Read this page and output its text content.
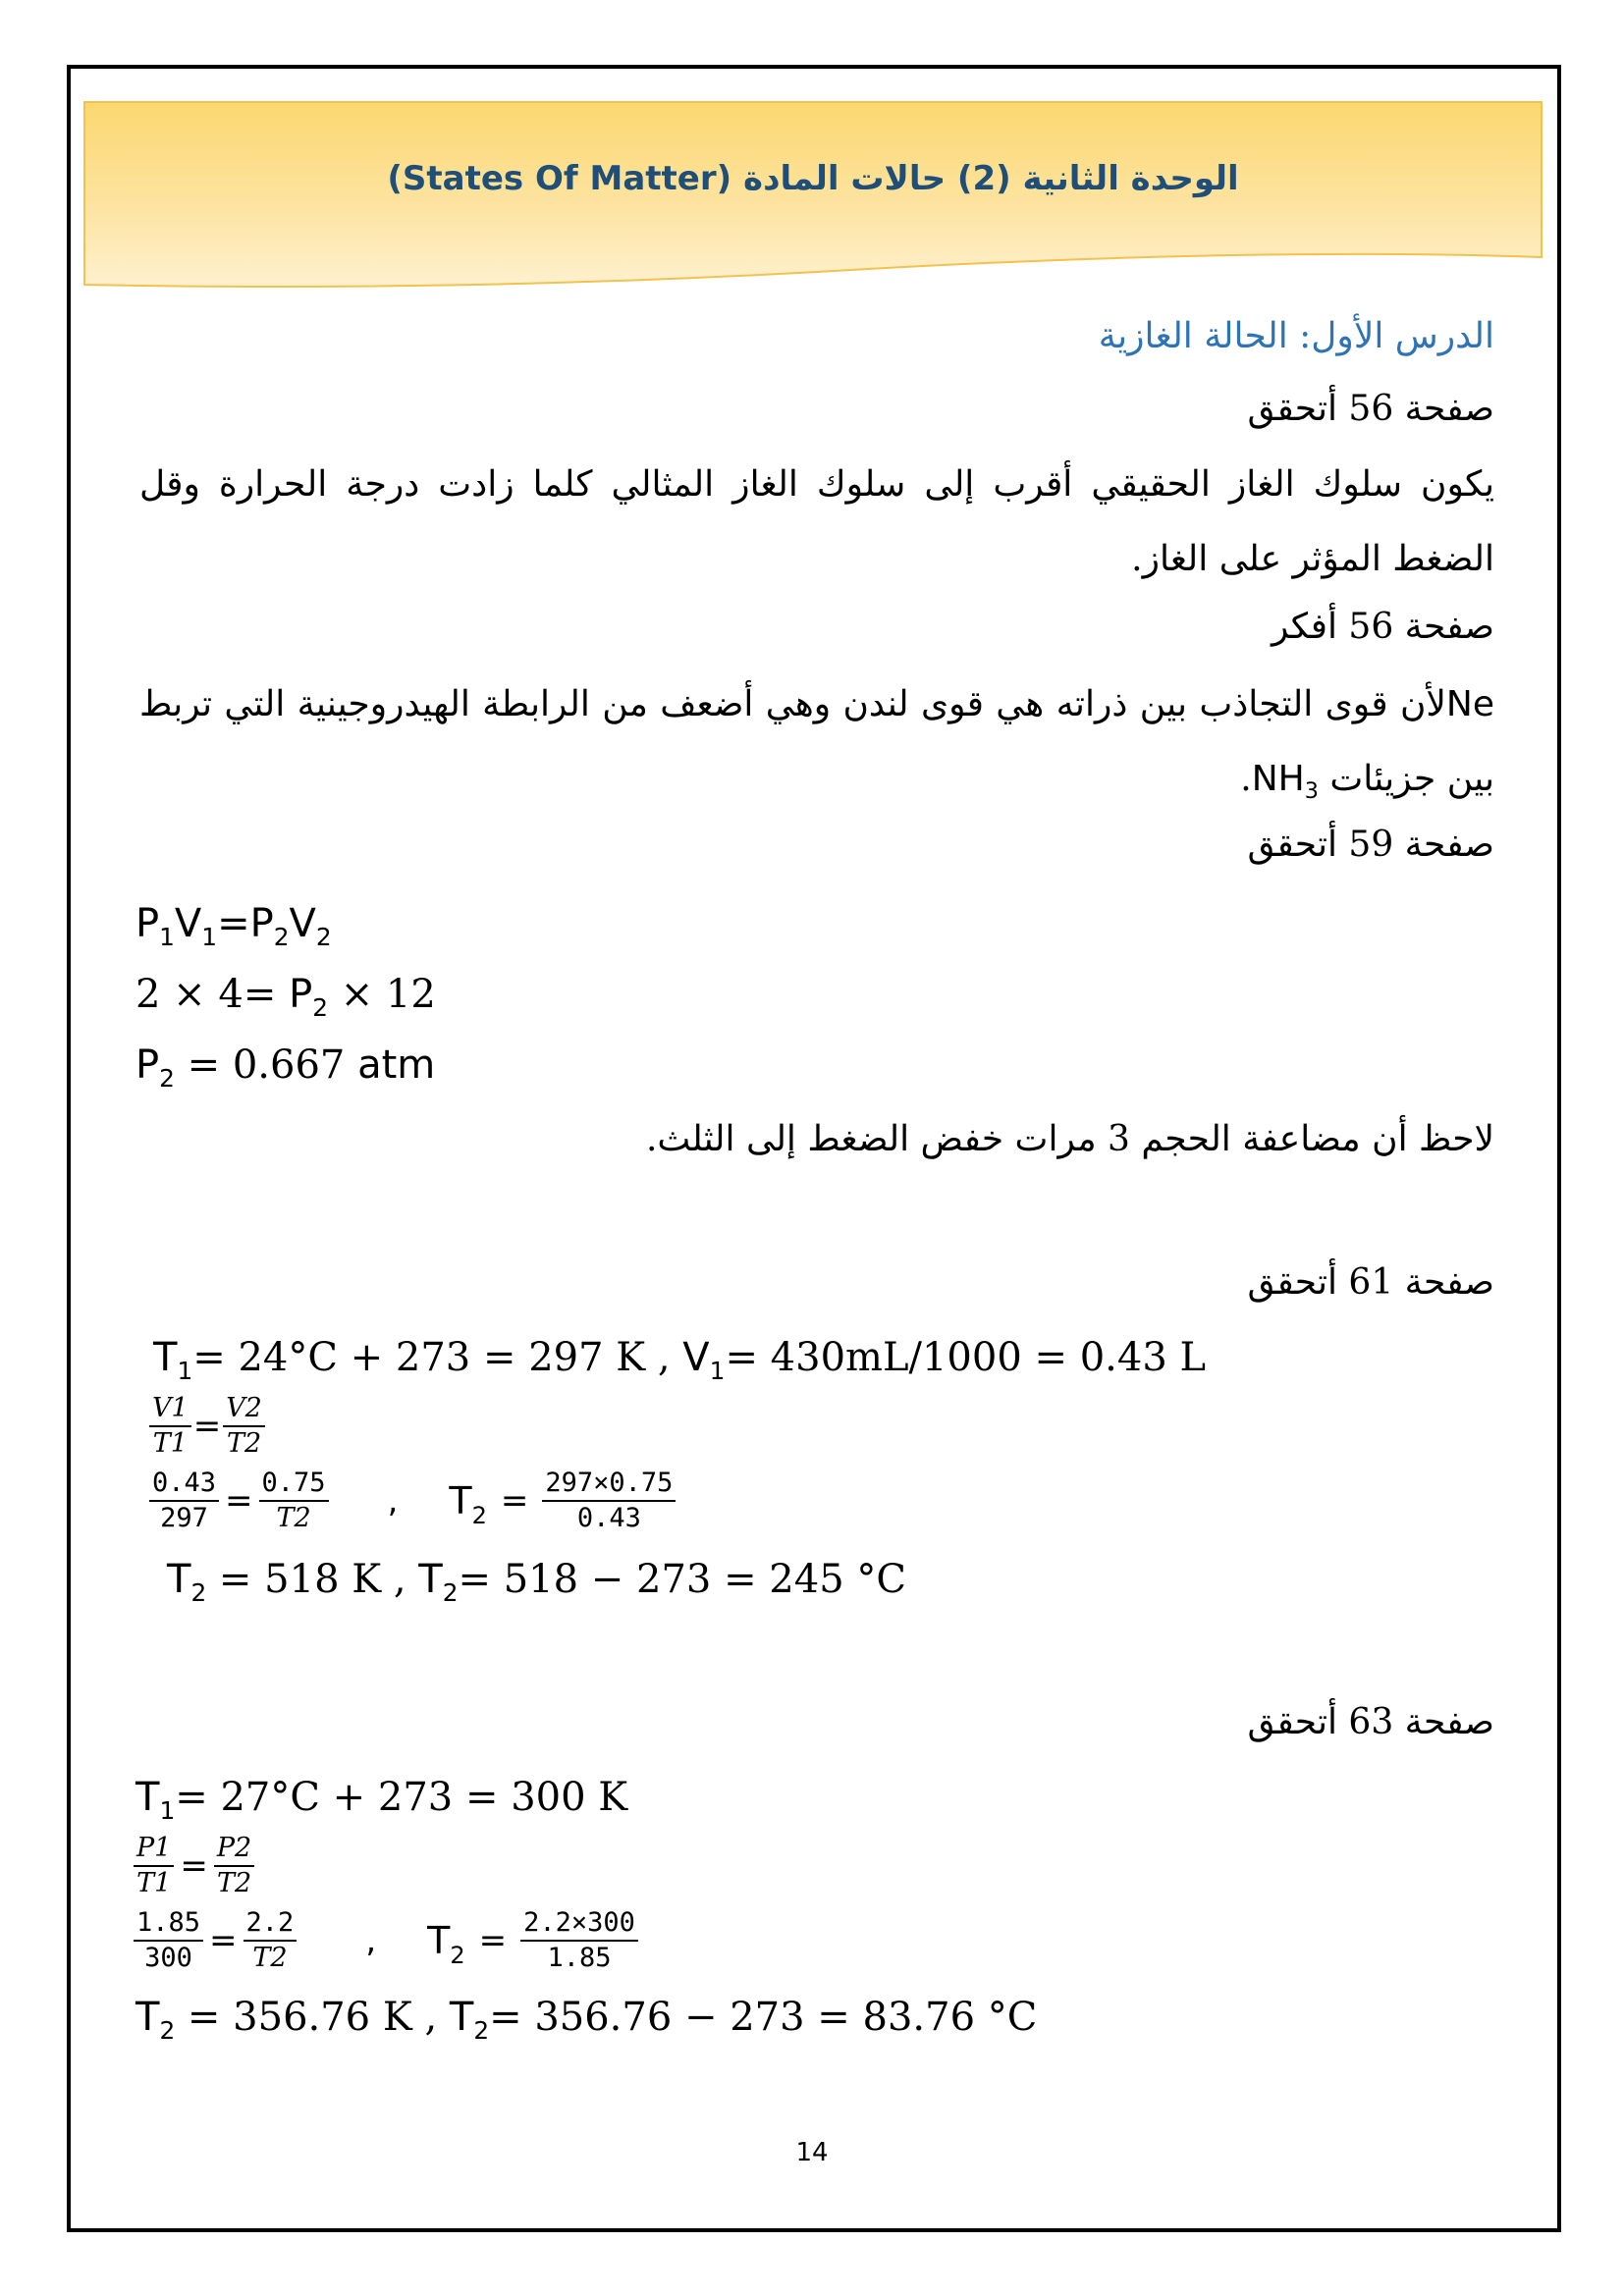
الوحدة الثانية (2) حالات المادة (States Of Matter)
الدرس الأول: الحالة الغازية
صفحة 56 أتحقق
يكون سلوك الغاز الحقيقي أقرب إلى سلوك الغاز المثالي كلما زادت درجة الحرارة وقل الضغط المؤثر على الغاز.
صفحة 56 أفكر
Neلأن قوى التجاذب بين ذراته هي قوى لندن وهي أضعف من الرابطة الهيدروجينية التي تربط بين جزيئات $NH_3$.
صفحة 59 أتحقق
$P_1V_1=P_2V_2$
$2 \times 4= P_2 \times 12$
$P_2 = 0.667$ atm
لاحظ أن مضاعفة الحجم 3 مرات خفض الضغط إلى الثلث.
صفحة 61 أتحقق
$T_1= 24^\circ C + 273 = 297$ K , $V_1= 430mL/1000 = 0.43$ L
$\frac{V1}{T1} = \frac{V2}{T2}$
$\frac{0.43}{297} = \frac{0.75}{T2}$ , $T_2 = \frac{297\times 0.75}{0.43}$
$T_2 = 518$ K , $T_2= 518 - 273 = 245$ °C
صفحة 63 أتحقق
$T_1= 27^\circ C + 273 = 300$ K
$\frac{P1}{T1} = \frac{P2}{T2}$
$\frac{1.85}{300} = \frac{2.2}{T2}$ , $T_2 = \frac{2.2\times 300}{1.85}$
$T_2 = 356.76$ K , $T_2= 356.76 - 273 = 83.76$ °C
14
